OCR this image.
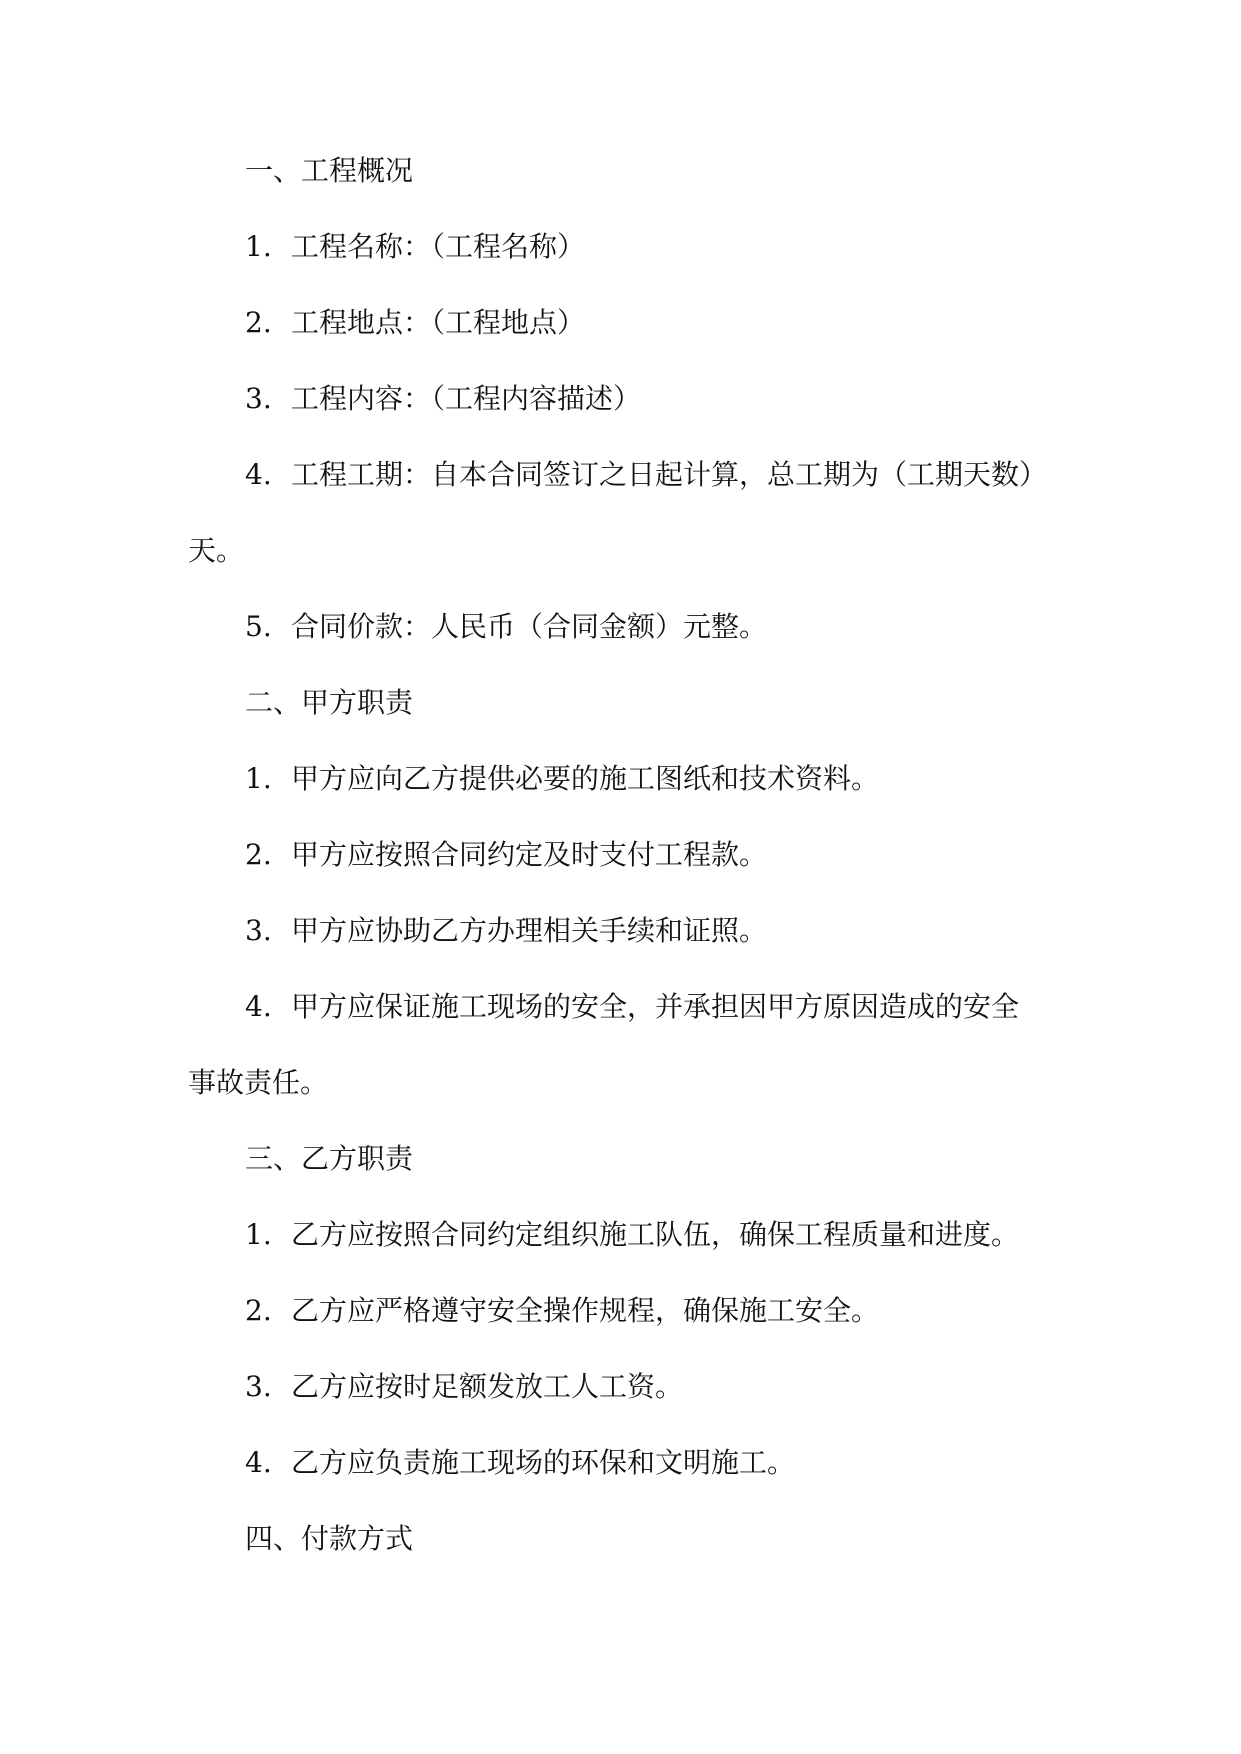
一、工程概况
1. 工程名称：（工程名称）
2. 工程地点：（工程地点）
3. 工程内容：（工程内容描述）
4. 工程工期：自本合同签订之日起计算，总工期为（工期天数）
天。
5. 合同价款：人民币（合同金额）元整。
二、甲方职责
1. 甲方应向乙方提供必要的施工图纸和技术资料。
2. 甲方应按照合同约定及时支付工程款。
3. 甲方应协助乙方办理相关手续和证照。
4. 甲方应保证施工现场的安全，并承担因甲方原因造成的安全
事故责任。
三、乙方职责
1. 乙方应按照合同约定组织施工队伍，确保工程质量和进度。
2. 乙方应严格遵守安全操作规程，确保施工安全。
3. 乙方应按时足额发放工人工资。
4. 乙方应负责施工现场的环保和文明施工。
四、付款方式
